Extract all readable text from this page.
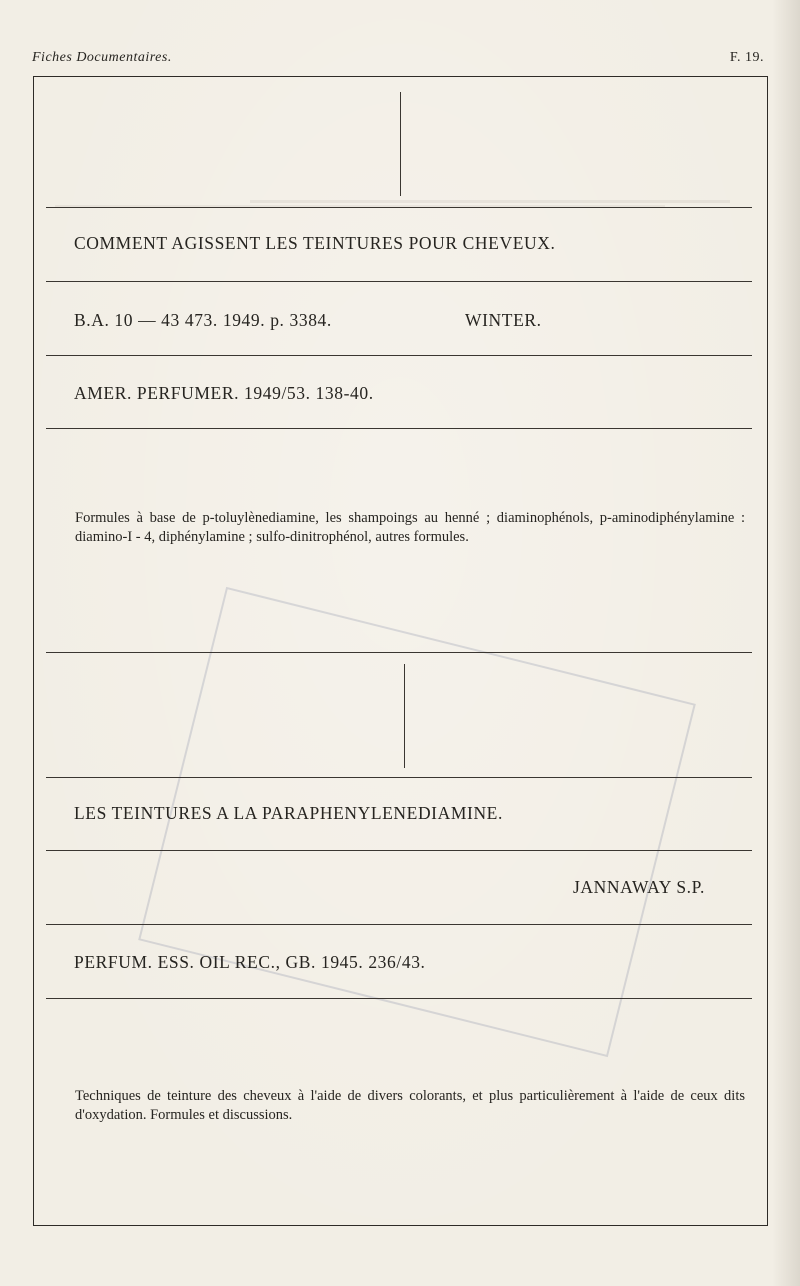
Fiches Documentaires.	F. 19.
COMMENT AGISSENT LES TEINTURES POUR CHEVEUX.
B.A. 10 — 43 473. 1949. p. 3384.	WINTER.
AMER. PERFUMER. 1949/53. 138-40.
Formules à base de p-toluylènediamine, les shampoings au henné ; diaminophénols, p-aminodiphénylamine : diamino-I - 4, diphénylamine ; sulfo-dinitrophénol, autres formules.
LES TEINTURES A LA PARAPHENYLENEDIAMINE.
JANNAWAY S.P.
PERFUM. ESS. OIL REC., GB. 1945. 236/43.
Techniques de teinture des cheveux à l'aide de divers colorants, et plus particulièrement à l'aide de ceux dits d'oxydation. Formules et discussions.
